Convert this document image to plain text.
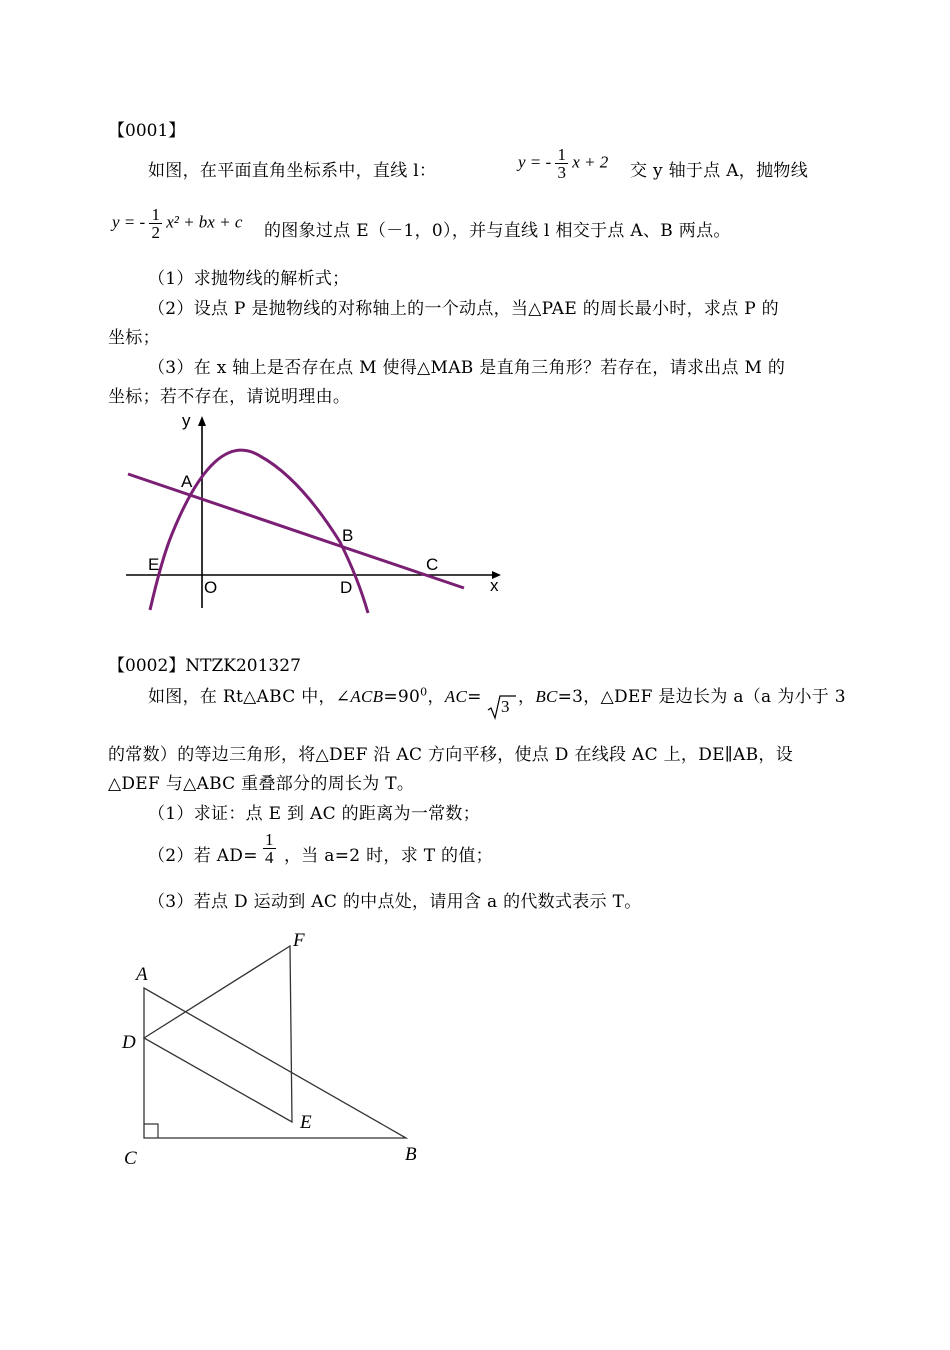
【0001】
如图，在平面直角坐标系中，直线 l：	y = - $\frac{1}{3}$ x + 2 交 y 轴于点 A，抛物线
y = - $\frac{1}{2} x^2$ + bx + c 的图象过点 E（－1，0），并与直线 l 相交于点 A、B 两点。
（1）求抛物线的解析式；
（2）设点 P 是抛物线的对称轴上的一个动点，当△PAE 的周长最小时，求点 P 的
坐标；
（3）在 x 轴上是否存在点 M 使得△MAB 是直角三角形？若存在，请求出点 M 的
坐标；若不存在，请说明理由。
y
A
B
C
E
O	D	x
【0002】NTZK201327
如图，在 Rt△ABC 中，$\angle ACB=90^0$，AC= 3 ，BC=3，△DEF 是边长为 a（a 为小于 3
的常数）的等边三角形，将△DEF 沿 AC 方向平移，使点 D 在线段 AC 上，DE∥AB，设
△DEF 与△ABC 重叠部分的周长为 T。
（1）求证：点 E 到 AC 的距离为一常数；
（2）若 $AD= \frac{1}{4}$ ，当 a=2 时，求 T 的值；
（3）若点 D 运动到 AC 的中点处，请用含 a 的代数式表示 T。
A
D
C	B
E
F
